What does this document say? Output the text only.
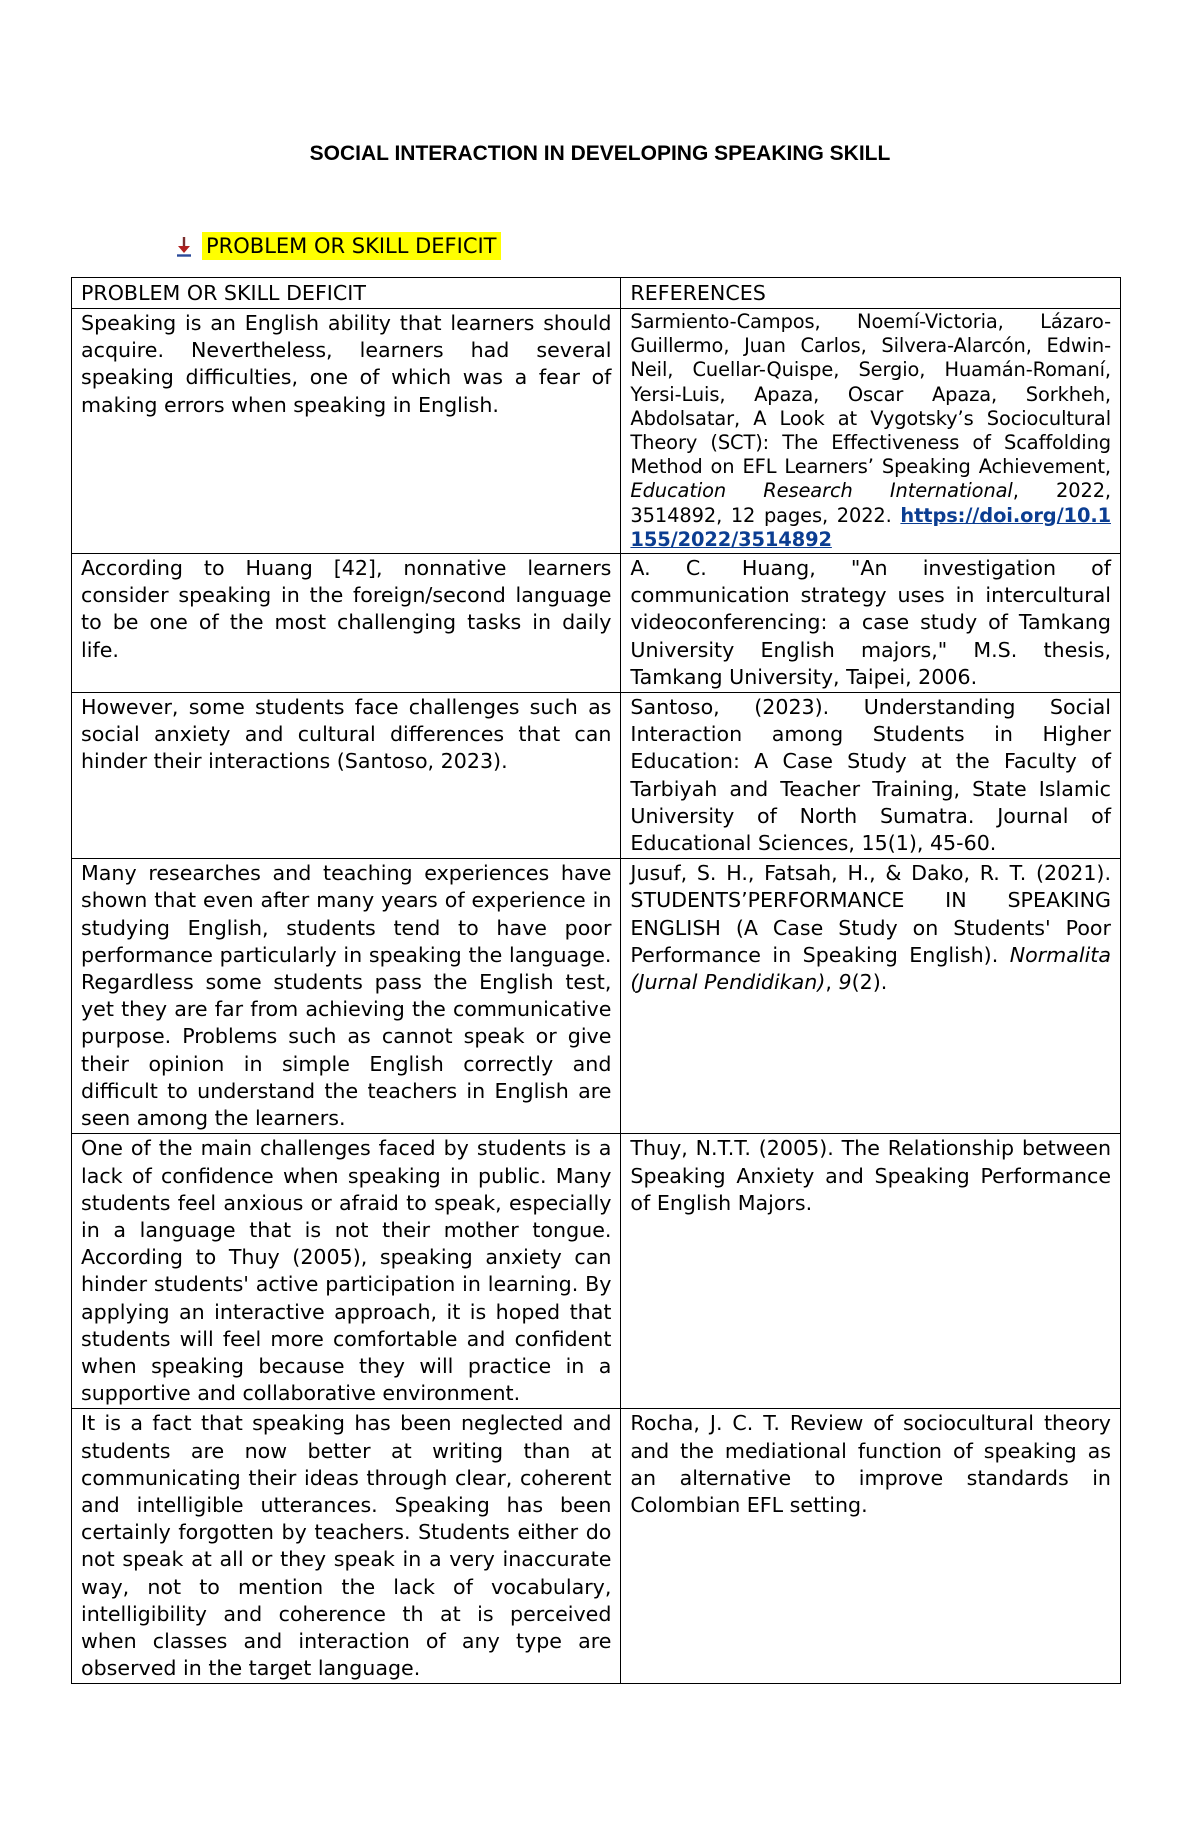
SOCIAL INTERACTION IN DEVELOPING SPEAKING SKILL
PROBLEM OR SKILL DEFICIT
PROBLEM OR SKILL DEFICIT	REFERENCES
Speaking is an English ability that learners should acquire. Nevertheless, learners had several speaking difficulties, one of which was a fear of making errors when speaking in English.	Sarmiento-Campos, Noemí-Victoria, Lázaro-Guillermo, Juan Carlos, Silvera-Alarcón, Edwin-Neil, Cuellar-Quispe, Sergio, Huamán-Romaní, Yersi-Luis, Apaza, Oscar Apaza, Sorkheh, Abdolsatar, A Look at Vygotsky’s Sociocultural Theory (SCT): The Effectiveness of Scaffolding Method on EFL Learners’ Speaking Achievement, Education Research International, 2022, 3514892, 12 pages, 2022. https://doi.org/10.1155/2022/3514892
According to Huang [42], nonnative learners consider speaking in the foreign/second language to be one of the most challenging tasks in daily life.	A. C. Huang, "An investigation of communication strategy uses in intercultural videoconferencing: a case study of Tamkang University English majors," M.S. thesis, Tamkang University, Taipei, 2006.
However, some students face challenges such as social anxiety and cultural differences that can hinder their interactions (Santoso, 2023).	Santoso, (2023). Understanding Social Interaction among Students in Higher Education: A Case Study at the Faculty of Tarbiyah and Teacher Training, State Islamic University of North Sumatra. Journal of Educational Sciences, 15(1), 45-60.
Many researches and teaching experiences have shown that even after many years of experience in studying English, students tend to have poor performance particularly in speaking the language. Regardless some students pass the English test, yet they are far from achieving the communicative purpose. Problems such as cannot speak or give their opinion in simple English correctly and difficult to understand the teachers in English are seen among the learners.	Jusuf, S. H., Fatsah, H., & Dako, R. T. (2021). STUDENTS’PERFORMANCE IN SPEAKING ENGLISH (A Case Study on Students' Poor Performance in Speaking English). Normalita (Jurnal Pendidikan), 9(2).
One of the main challenges faced by students is a lack of confidence when speaking in public. Many students feel anxious or afraid to speak, especially in a language that is not their mother tongue. According to Thuy (2005), speaking anxiety can hinder students' active participation in learning. By applying an interactive approach, it is hoped that students will feel more comfortable and confident when speaking because they will practice in a supportive and collaborative environment.	Thuy, N.T.T. (2005). The Relationship between Speaking Anxiety and Speaking Performance of English Majors.
It is a fact that speaking has been neglected and students are now better at writing than at communicating their ideas through clear, coherent and intelligible utterances. Speaking has been certainly forgotten by teachers. Students either do not speak at all or they speak in a very inaccurate way, not to mention the lack of vocabulary, intelligibility and coherence th at is perceived when classes and interaction of any type are observed in the target language.	Rocha, J. C. T. Review of sociocultural theory and the mediational function of speaking as an alternative to improve standards in Colombian EFL setting.
